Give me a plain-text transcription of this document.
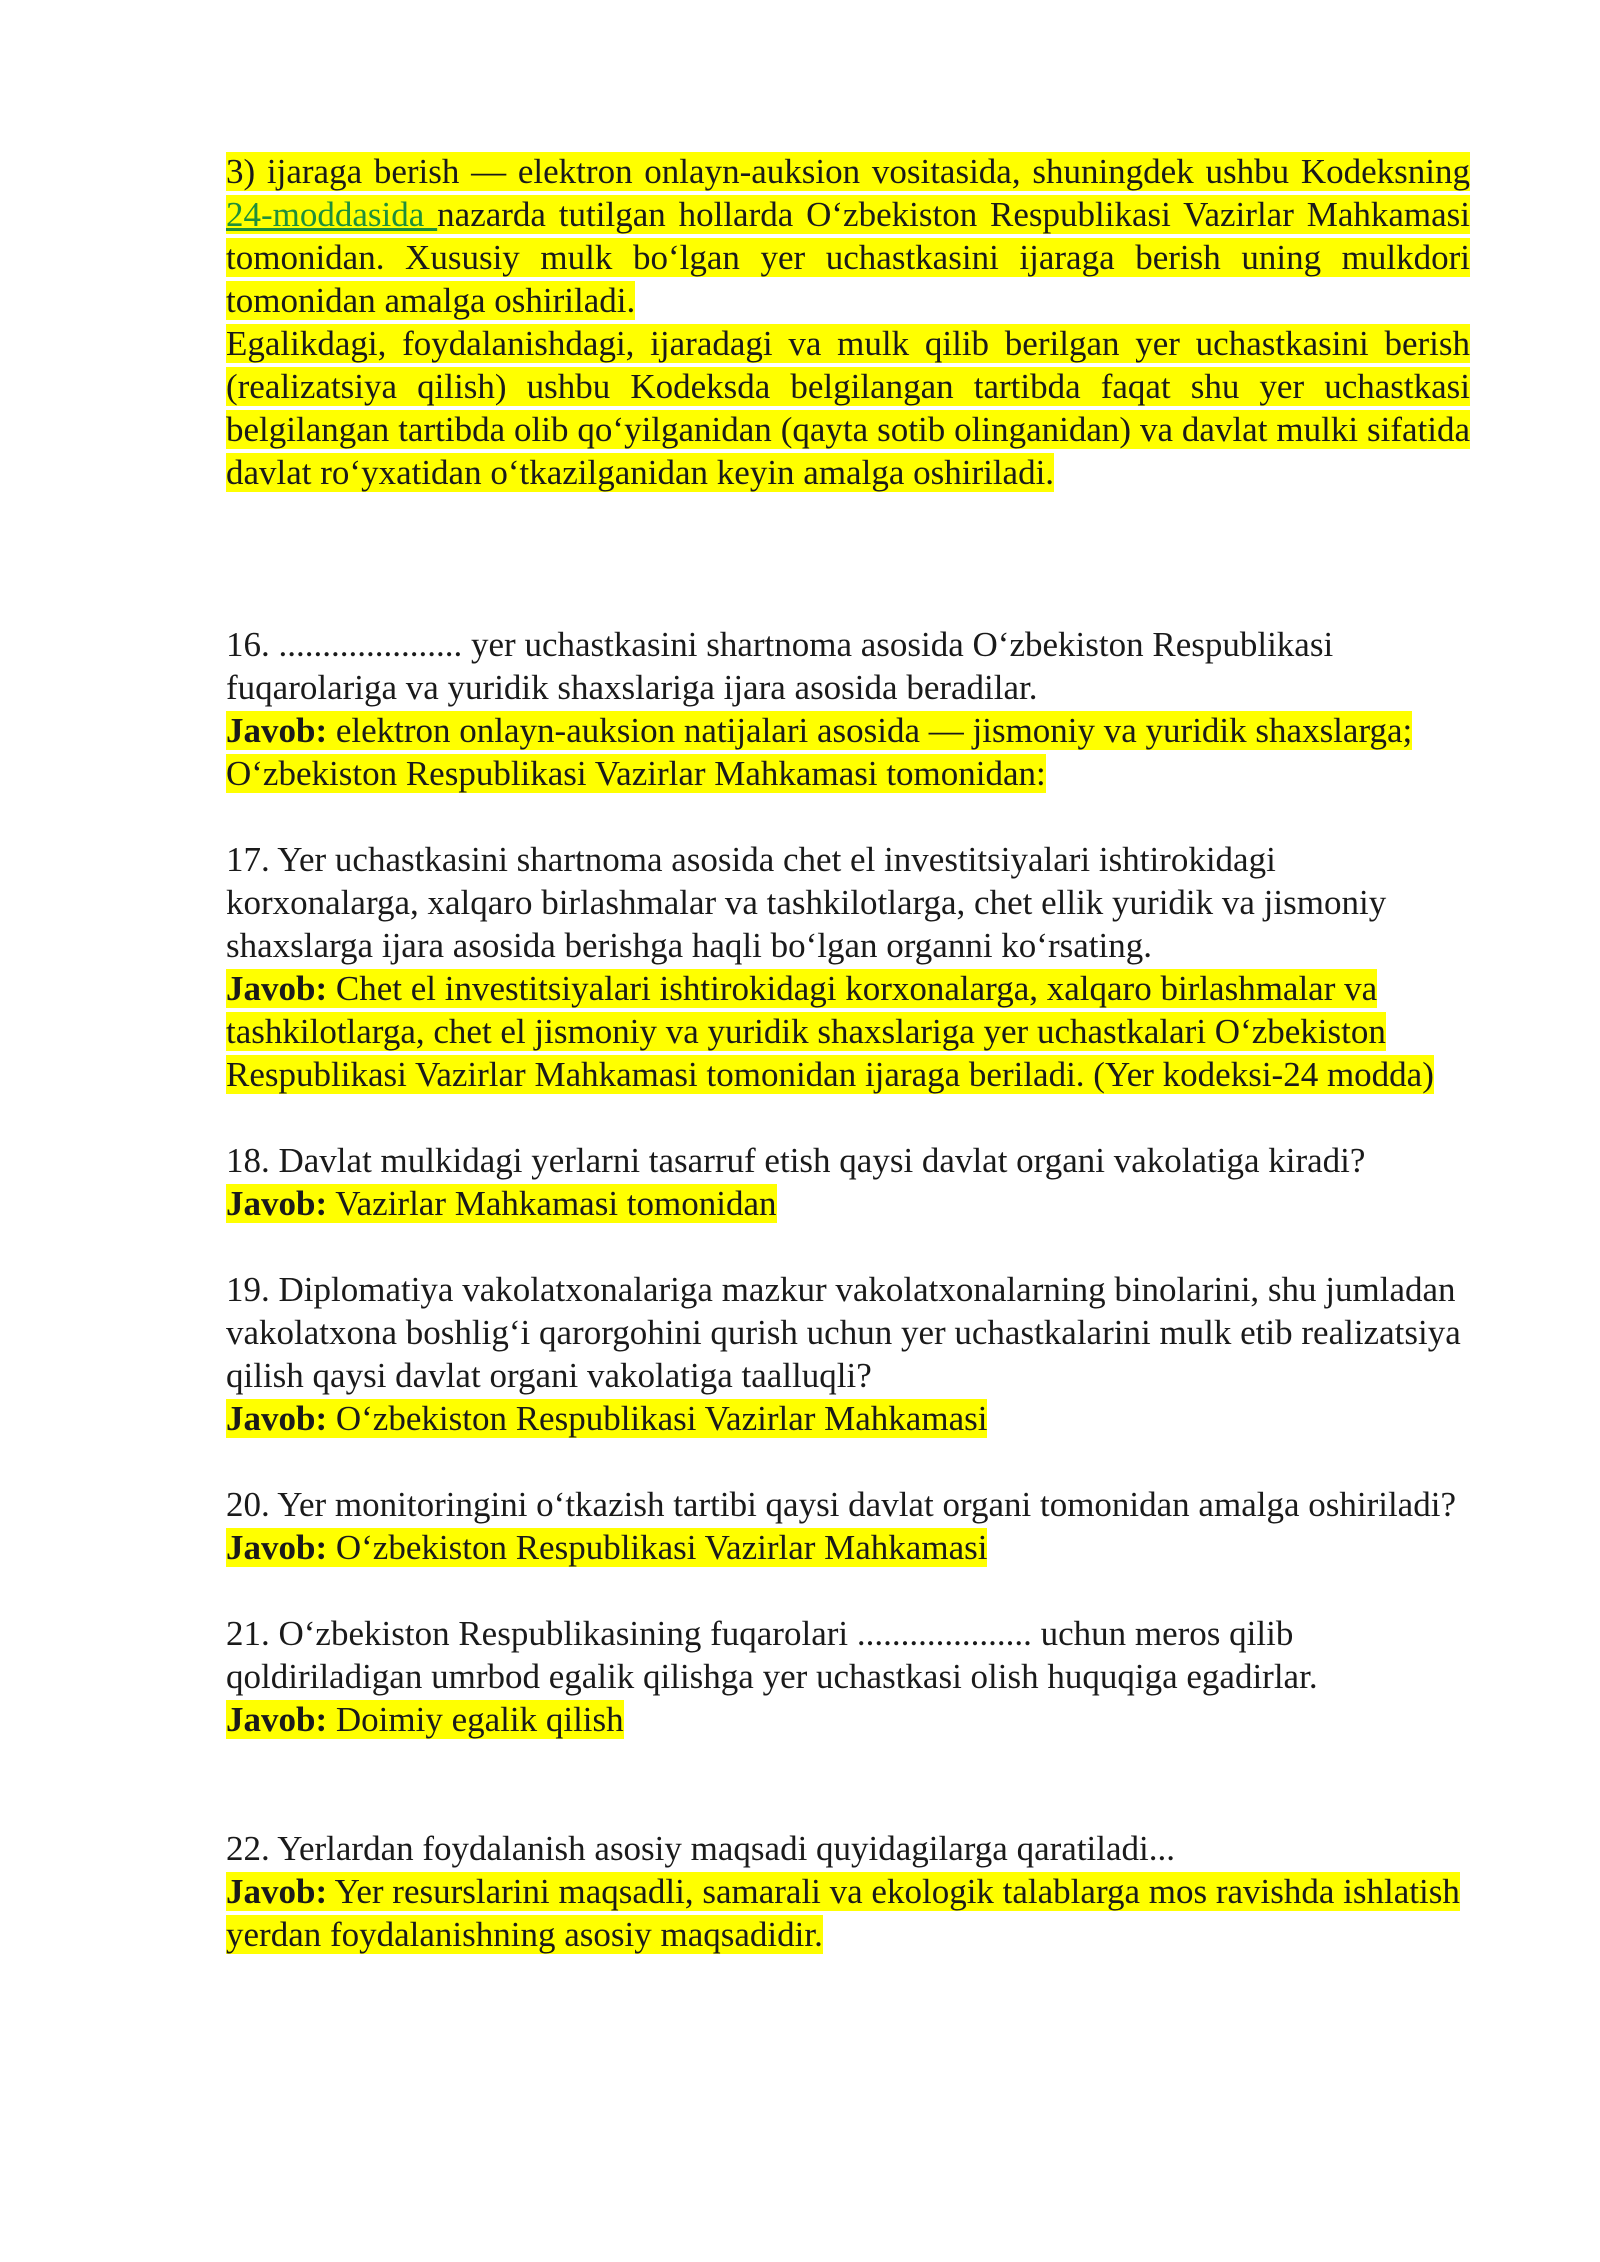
3) ijaraga berish — elektron onlayn-auksion vositasida, shuningdek ushbu Kodeksning 24-moddasida nazarda tutilgan hollarda O‘zbekiston Respublikasi Vazirlar Mahkamasi tomonidan. Xususiy mulk bo‘lgan yer uchastkasini ijaraga berish uning mulkdori tomonidan amalga oshiriladi.

Egalikdagi, foydalanishdagi, ijaradagi va mulk qilib berilgan yer uchastkasini berish (realizatsiya qilish) ushbu Kodeksda belgilangan tartibda faqat shu yer uchastkasi belgilangan tartibda olib qo‘yilganidan (qayta sotib olinganidan) va davlat mulki sifatida davlat ro‘yxatidan o‘tkazilganidan keyin amalga oshiriladi.

16. ..................... yer uchastkasini shartnoma asosida O‘zbekiston Respublikasi fuqarolariga va yuridik shaxslariga ijara asosida beradilar.

Javob: elektron onlayn-auksion natijalari asosida — jismoniy va yuridik shaxslarga;

O‘zbekiston Respublikasi Vazirlar Mahkamasi tomonidan:

17. Yer uchastkasini shartnoma asosida chet el investitsiyalari ishtirokidagi korxonalarga, xalqaro birlashmalar va tashkilotlarga, chet ellik yuridik va jismoniy shaxslarga ijara asosida berishga haqli bo‘lgan organni ko‘rsating.

Javob: Chet el investitsiyalari ishtirokidagi korxonalarga, xalqaro birlashmalar va tashkilotlarga, chet el jismoniy va yuridik shaxslariga yer uchastkalari O‘zbekiston Respublikasi Vazirlar Mahkamasi tomonidan ijaraga beriladi. (Yer kodeksi-24 modda)

18. Davlat mulkidagi yerlarni tasarruf etish qaysi davlat organi vakolatiga kiradi?

Javob: Vazirlar Mahkamasi tomonidan

19. Diplomatiya vakolatxonalariga mazkur vakolatxonalarning binolarini, shu jumladan vakolatxona boshlig‘i qarorgohini qurish uchun yer uchastkalarini mulk etib realizatsiya qilish qaysi davlat organi vakolatiga taalluqli?

Javob: O‘zbekiston Respublikasi Vazirlar Mahkamasi

20. Yer monitoringini o‘tkazish tartibi qaysi davlat organi tomonidan amalga oshiriladi?

Javob: O‘zbekiston Respublikasi Vazirlar Mahkamasi

21. O‘zbekiston Respublikasining fuqarolari .................... uchun meros qilib qoldiriladigan umrbod egalik qilishga yer uchastkasi olish huquqiga egadirlar.

Javob: Doimiy egalik qilish

22. Yerlardan foydalanish asosiy maqsadi quyidagilarga qaratiladi...

Javob: Yer resurslarini maqsadli, samarali va ekologik talablarga mos ravishda ishlatish yerdan foydalanishning asosiy maqsadidir.
